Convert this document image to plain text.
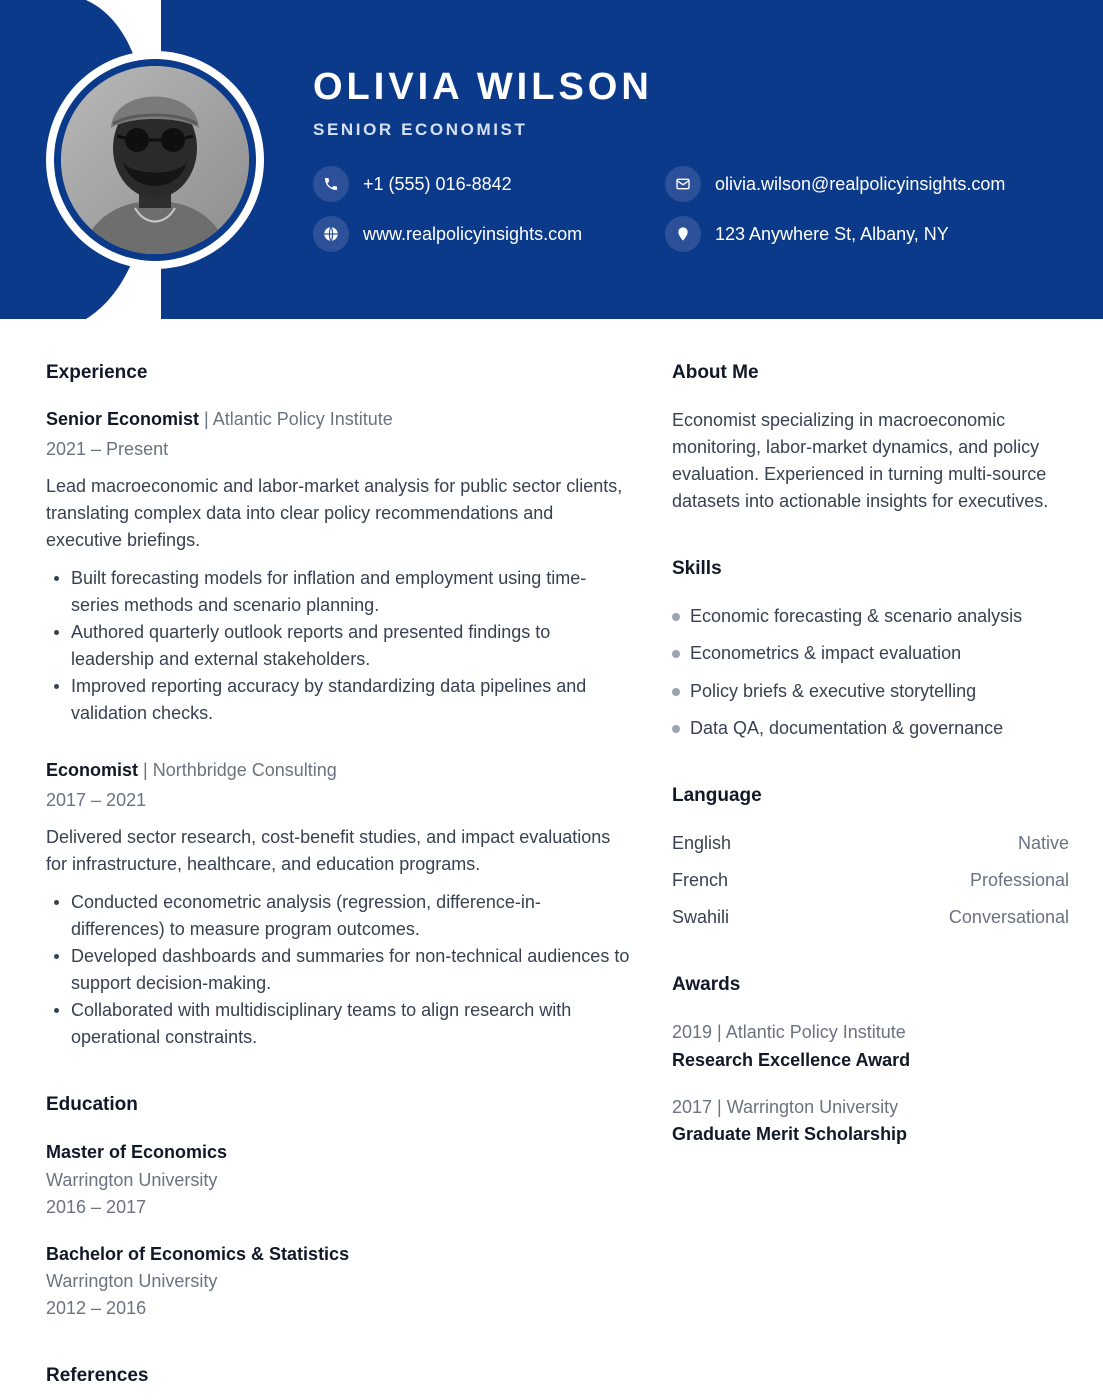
OLIVIA WILSON
SENIOR ECONOMIST
+1 (555) 016-8842
www.realpolicyinsights.com
olivia.wilson@realpolicyinsights.com
123 Anywhere St, Albany, NY
Experience
Senior Economist | Atlantic Policy Institute
2021 – Present
Lead macroeconomic and labor-market analysis for public sector clients, translating complex data into clear policy recommendations and executive briefings.
Built forecasting models for inflation and employment using time-series methods and scenario planning.
Authored quarterly outlook reports and presented findings to leadership and external stakeholders.
Improved reporting accuracy by standardizing data pipelines and validation checks.
Economist | Northbridge Consulting
2017 – 2021
Delivered sector research, cost-benefit studies, and impact evaluations for infrastructure, healthcare, and education programs.
Conducted econometric analysis (regression, difference-in-differences) to measure program outcomes.
Developed dashboards and summaries for non-technical audiences to support decision-making.
Collaborated with multidisciplinary teams to align research with operational constraints.
Education
Master of Economics
Warrington University
2016 – 2017
Bachelor of Economics & Statistics
Warrington University
2012 – 2016
References
About Me
Economist specializing in macroeconomic monitoring, labor-market dynamics, and policy evaluation. Experienced in turning multi-source datasets into actionable insights for executives.
Skills
Economic forecasting & scenario analysis
Econometrics & impact evaluation
Policy briefs & executive storytelling
Data QA, documentation & governance
Language
English	Native
French	Professional
Swahili	Conversational
Awards
2019 | Atlantic Policy Institute
Research Excellence Award
2017 | Warrington University
Graduate Merit Scholarship
